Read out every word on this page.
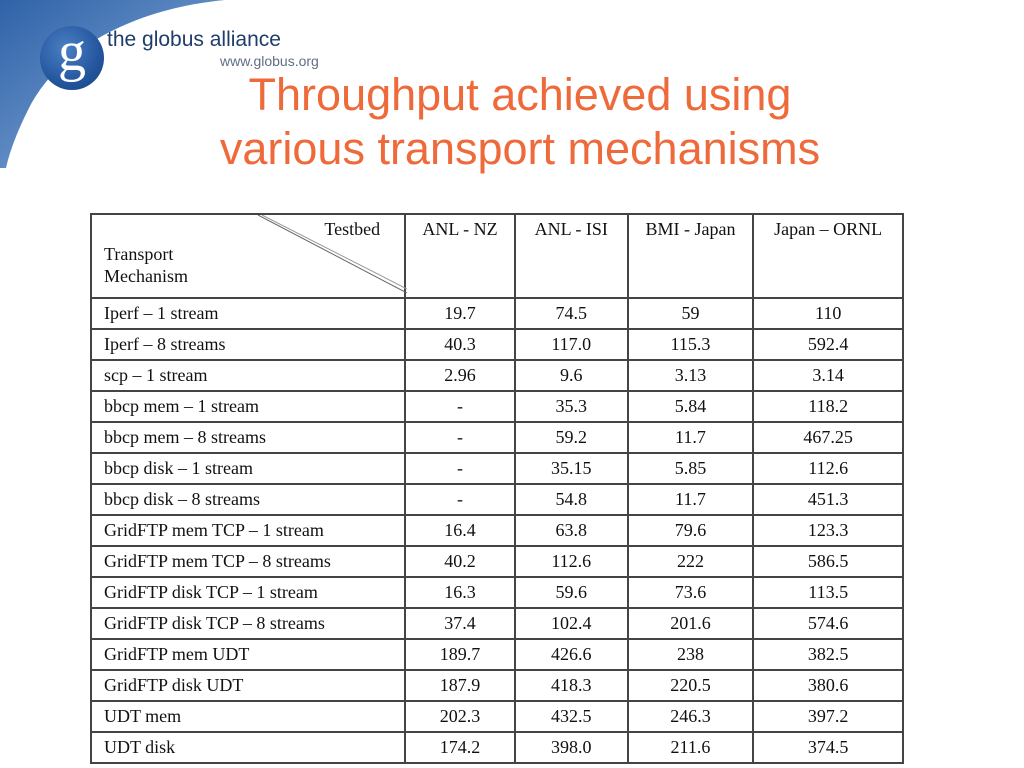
g	the globus alliance
www.globus.org
Throughput achieved using
various transport mechanisms
Testbed
Transport
Mechanism	ANL - NZ	ANL - ISI	BMI - Japan	Japan – ORNL
Iperf – 1 stream	19.7	74.5	59	110
Iperf – 8 streams	40.3	117.0	115.3	592.4
scp – 1 stream	2.96	9.6	3.13	3.14
bbcp mem – 1 stream	-	35.3	5.84	118.2
bbcp mem – 8 streams	-	59.2	11.7	467.25
bbcp disk – 1 stream	-	35.15	5.85	112.6
bbcp disk – 8 streams	-	54.8	11.7	451.3
GridFTP mem TCP – 1 stream	16.4	63.8	79.6	123.3
GridFTP mem TCP – 8 streams	40.2	112.6	222	586.5
GridFTP disk TCP – 1 stream	16.3	59.6	73.6	113.5
GridFTP disk TCP – 8 streams	37.4	102.4	201.6	574.6
GridFTP mem UDT	189.7	426.6	238	382.5
GridFTP disk UDT	187.9	418.3	220.5	380.6
UDT mem	202.3	432.5	246.3	397.2
UDT disk	174.2	398.0	211.6	374.5
